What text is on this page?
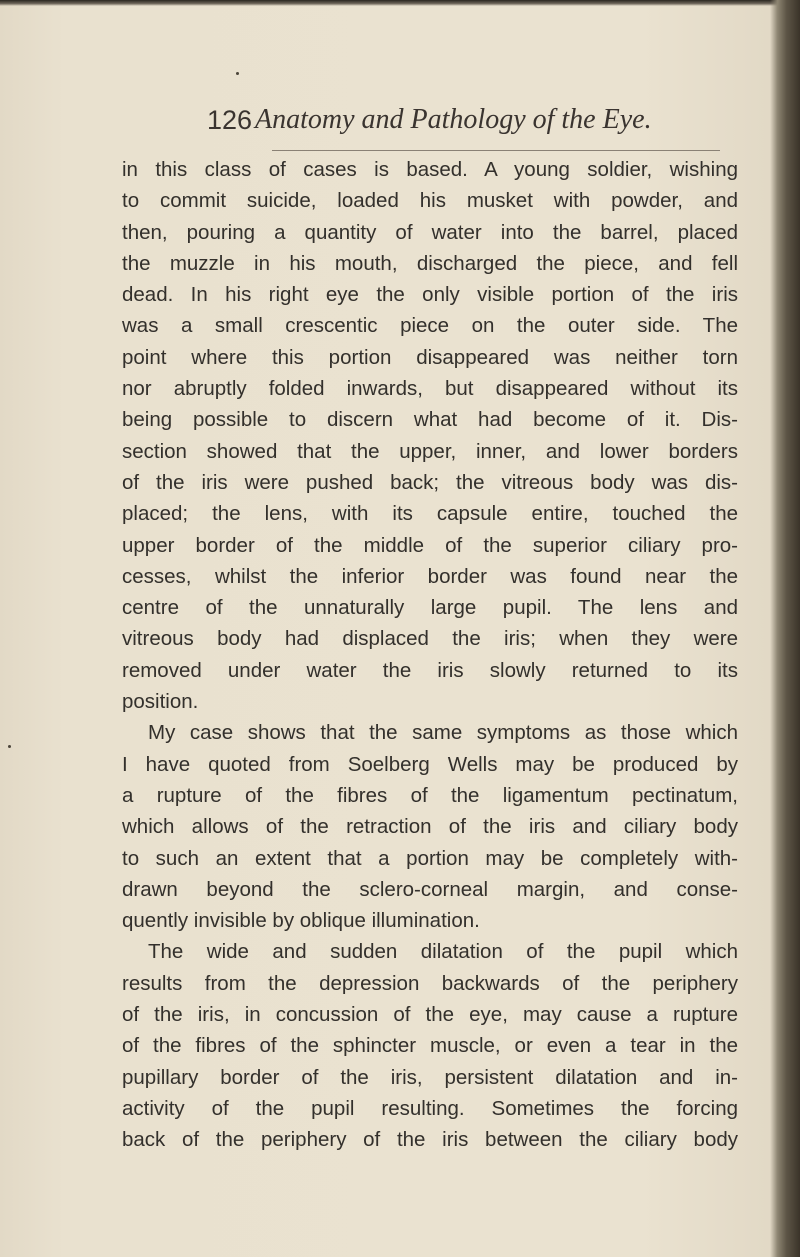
126 Anatomy and Pathology of the Eye.
in this class of cases is based. A young soldier, wishing
to commit suicide, loaded his musket with powder, and
then, pouring a quantity of water into the barrel, placed
the muzzle in his mouth, discharged the piece, and fell
dead. In his right eye the only visible portion of the iris
was a small crescentic piece on the outer side. The
point where this portion disappeared was neither torn
nor abruptly folded inwards, but disappeared without its
being possible to discern what had become of it. Dis-
section showed that the upper, inner, and lower borders
of the iris were pushed back; the vitreous body was dis-
placed; the lens, with its capsule entire, touched the
upper border of the middle of the superior ciliary pro-
cesses, whilst the inferior border was found near the
centre of the unnaturally large pupil. The lens and
vitreous body had displaced the iris; when they were
removed under water the iris slowly returned to its
position.
My case shows that the same symptoms as those which
I have quoted from Soelberg Wells may be produced by
a rupture of the fibres of the ligamentum pectinatum,
which allows of the retraction of the iris and ciliary body
to such an extent that a portion may be completely with-
drawn beyond the sclero-corneal margin, and conse-
quently invisible by oblique illumination.
The wide and sudden dilatation of the pupil which
results from the depression backwards of the periphery
of the iris, in concussion of the eye, may cause a rupture
of the fibres of the sphincter muscle, or even a tear in the
pupillary border of the iris, persistent dilatation and in-
activity of the pupil resulting. Sometimes the forcing
back of the periphery of the iris between the ciliary body
